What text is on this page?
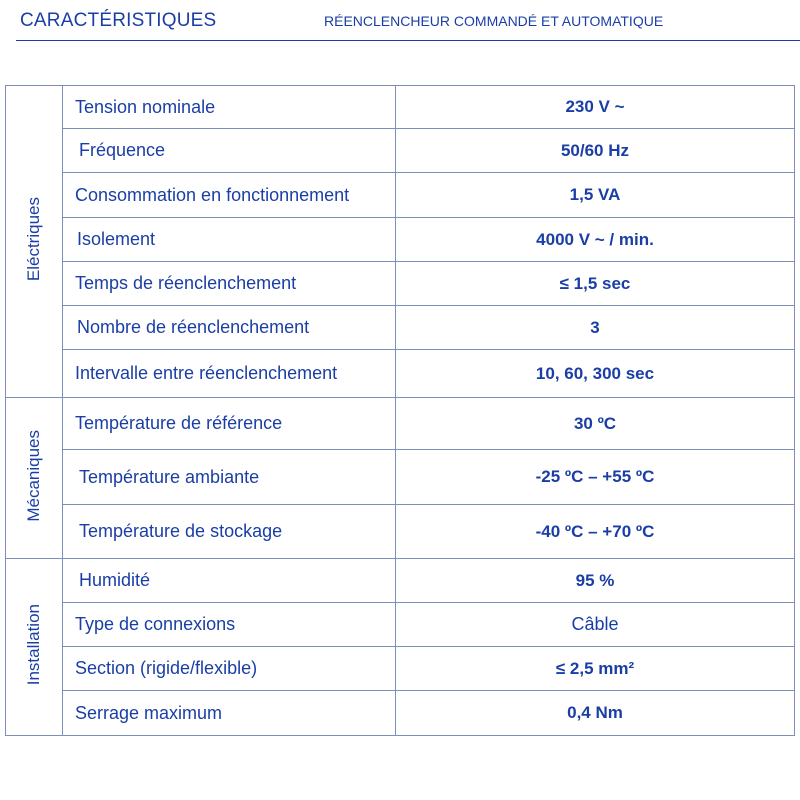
CARACTÉRISTIQUES	RÉENCLENCHEUR COMMANDÉ ET AUTOMATIQUE
Eléctriques	Tension nominale	230 V ~
	Fréquence	50/60 Hz
	Consommation en fonctionnement	1,5 VA
	Isolement	4000 V ~ / min.
	Temps de réenclenchement	≤ 1,5 sec
	Nombre de réenclenchement	3
	Intervalle entre réenclenchement	10, 60, 300 sec
Mécaniques	Température de référence	30 ºC
	Température ambiante	-25 ºC – +55 ºC
	Température de stockage	-40 ºC – +70 ºC
Installation	Humidité	95 %
	Type de connexions	Câble
	Section (rigide/flexible)	≤ 2,5 mm²
	Serrage maximum	0,4 Nm
